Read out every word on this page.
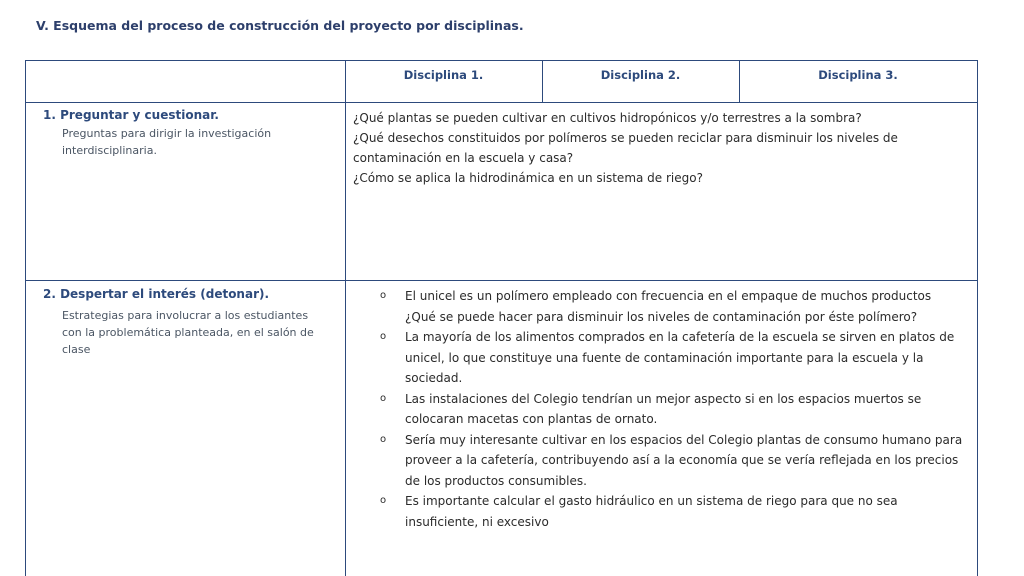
V. Esquema del proceso de construcción del proyecto por disciplinas.
Disciplina 1.	Disciplina 2.	Disciplina 3.
1. Preguntar y cuestionar.
Preguntas para dirigir la investigación interdisciplinaria.

¿Qué plantas se pueden cultivar en cultivos hidropónicos y/o terrestres a la sombra?

¿Qué desechos constituidos por polímeros se pueden reciclar para disminuir los niveles de contaminación en la escuela y casa?

¿Cómo se aplica la hidrodinámica en un sistema de riego?

2. Despertar el interés (detonar).
Estrategias para involucrar a los estudiantes con la problemática planteada, en el salón de clase
o El unicel es un polímero empleado con frecuencia en el empaque de muchos productos ¿Qué se puede hacer para disminuir los niveles de contaminación por éste polímero?
o La mayoría de los alimentos comprados en la cafetería de la escuela se sirven en platos de unicel, lo que constituye una fuente de contaminación importante para la escuela y la sociedad.
o Las instalaciones del Colegio tendrían un mejor aspecto si en los espacios muertos se colocaran macetas con plantas de ornato.
o Sería muy interesante cultivar en los espacios del Colegio plantas de consumo humano para proveer a la cafetería, contribuyendo así a la economía que se vería reflejada en los precios de los productos consumibles.
o Es importante calcular el gasto hidráulico en un sistema de riego para que no sea insuficiente, ni excesivo
